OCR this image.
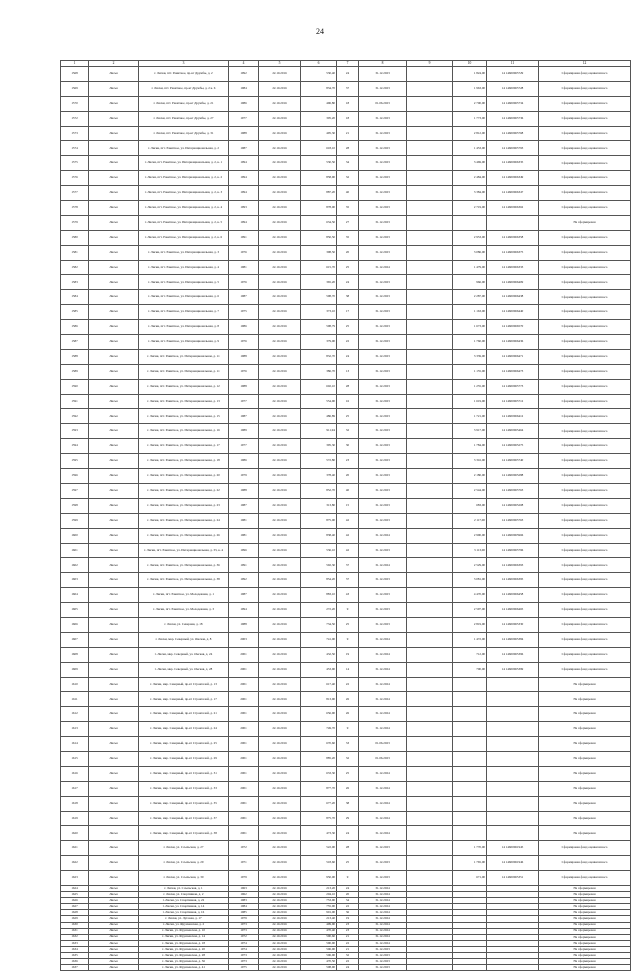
24
1	2	3	4	5	6	7	8	9	10	11	12
1568	Лисья	г. Лиски, пгт. Ракитное, пр-кт Дружбы, д. 2	1992	22.10.2016	530,40	24	31.12.2023		1 824,00	14 14600065729	Сформирован фонд оценки износа
1569	Лисья	г. Лиски, пгт. Ракитное, пр-кт Дружбы, д. 2 к. 6	1984	22.10.2016	834,70	37	31.12.2023		1 963,00	14 14600065728	Сформирован фонд оценки износа
1570	Лисья	г. Лиски, пгт. Ракитное, пр-кт Дружбы, д. 21	1986	22.10.2016	496,80	18	01.06.2023		2 700,00	14 14600065734	Сформирован фонд оценки износа
1572	Лисья	г. Лиски, пгт. Ракитное, пр-кт Дружбы, д. 27	1977	22.10.2016	305,20	18	31.12.2023		1 773,00	14 14600065736	Сформирован фонд оценки износа
1573	Лисья	г. Лиски, пгт. Ракитное, пр-кт Дружбы, д. 31	1988	22.10.2016	495,30	21	31.12.2023		2 812,00	14 14600065768	Сформирован фонд оценки износа
1574	Лисья	г. Лиски, пгт. Ракитное, ул. Интернациональная, д. 2	1987	22.10.2016	618,10	28	31.12.2023		1 453,00	14 14600065793	Сформирован фонд оценки износа
1575	Лисья	г. Лиски, пгт. Ракитное, ул. Интернациональная, д. 2, к. 1	1994	22.10.2016	530,50	34	31.12.2023		3 469,00	14 14600066335	Сформирован фонд оценки износа
1576	Лисья	г. Лиски, пгт. Ракитное, ул. Интернациональная, д. 2, к. 2	1994	22.10.2016	858,90	32	31.12.2023		2 484,00	14 14600066349	Сформирован фонд оценки износа
1577	Лисья	г. Лиски, пгт. Ракитное, ул. Интернациональная, д. 2, к. 3	1994	22.10.2016	887,20	40	31.12.2023		3 384,00	14 14600066347	Сформирован фонд оценки износа
1578	Лисья	г. Лиски, пгт. Ракитное, ул. Интернациональная, д. 2, к. 4	1993	22.10.2016	878,00	35	31.12.2023		2 719,00	14 14600066362	Сформирован фонд оценки износа
1579	Лисья	г. Лиски, пгт. Ракитное, ул. Интернациональная, д. 2, к. 5	1994	22.10.2016	634,50	27	31.12.2023				Не сформирован
1580	Лисья	г. Лиски, пгт. Ракитное, ул. Интернациональная, д. 2, к. 6	1991	22.10.2016	850,50	35	31.12.2023		2 953,00	14 14600066358	Сформирован фонд оценки износа
1581	Лисья	г. Лиски, пгт. Ракитное, ул. Интернациональная, д. 3	1976	22.10.2016	398,50	20	31.12.2023		3 086,00	14 14600066375	Сформирован фонд оценки износа
1582	Лисья	г. Лиски, пгт. Ракитное, ул. Интернациональная, д. 4	1981	22.10.2016	615,70	25	31.12.2024		1 479,00	14 14600066333	Сформирован фонд оценки износа
1583	Лисья	г. Лиски, пгт. Ракитное, ул. Интернациональная, д. 5	1976	22.10.2016	365,20	24	31.12.2023		966,00	14 14600066409	Сформирован фонд оценки износа
1584	Лисья	г. Лиски, пгт. Ракитное, ул. Интернациональная, д. 6	1987	22.10.2016	598,70	38	31.12.2023		2 287,00	14 14600066438	Сформирован фонд оценки износа
1585	Лисья	г. Лиски, пгт. Ракитное, ул. Интернациональная, д. 7	1975	22.10.2016	373,10	17	31.12.2023		1 163,00	14 14600066440	Сформирован фонд оценки износа
1586	Лисья	г. Лиски, пгт. Ракитное, ул. Интернациональная, д. 8	1986	22.10.2016	598,79	25	31.12.2023		1 673,00	14 14600066570	Сформирован фонд оценки износа
1587	Лисья	г. Лиски, пгт. Ракитное, ул. Интернациональная, д. 9	1976	22.10.2016	379,00	22	31.12.2023		1 760,00	14 14600066436	Сформирован фонд оценки износа
1588	Лисья	г. Лиски, пгт. Ракитное, ул. Интернациональная, д. 11	1988	22.10.2016	832,70	24	31.12.2023		3 339,00	14 14600066471	Сформирован фонд оценки износа
1589	Лисья	г. Лиски, пгт. Ракитное, ул. Интернациональная, д. 11	1976	22.10.2016	386,70	13	31.12.2023		1 155,00	14 14600066473	Сформирован фонд оценки износа
1590	Лисья	г. Лиски, пгт. Ракитное, ул. Интернациональная, д. 12	1988	22.10.2016	602,10	28	31.12.2023		1 255,00	14 14600065773	Сформирован фонд оценки износа
1591	Лисья	г. Лиски, пгт. Ракитное, ул. Интернациональная, д. 13	1977	22.10.2016	554,90	16	31.12.2023		1 619,00	14 14600065712	Сформирован фонд оценки износа
1592	Лисья	г. Лиски, пгт. Ракитное, ул. Интернациональная, д. 15	1987	22.10.2016	486,89	25	31.12.2023		1 721,00	14 14600066412	Сформирован фонд оценки износа
1593	Лисья	г. Лиски, пгт. Ракитное, ул. Интернациональная, д. 16	1989	22.10.2016	911,94	32	31.12.2023		3 917,00	14 14600065464	Сформирован фонд оценки износа
1594	Лисья	г. Лиски, пгт. Ракитное, ул. Интернациональная, д. 17	1977	22.10.2016	395,30	30	31.12.2023		1 784,00	14 14600065275	Сформирован фонд оценки износа
1595	Лисья	г. Лиски, пгт. Ракитное, ул. Интернациональная, д. 18	1986	22.10.2016	572,80	23	31.12.2023		3 316,00	14 14600065740	Сформирован фонд оценки износа
1596	Лисья	г. Лиски, пгт. Ракитное, ул. Интернациональная, д. 20	1979	22.10.2016	378,40	20	31.12.2023		2 180,00	14 14600065288	Сформирован фонд оценки износа
1597	Лисья	г. Лиски, пгт. Ракитное, ул. Интернациональная, д. 22	1988	22.10.2016	852,70	40	31.12.2023		2 544,00	14 14600065763	Сформирован фонд оценки износа
1598	Лисья	г. Лиски, пгт. Ракитное, ул. Интернациональная, д. 23	1987	22.10.2016	313,80	15	31.12.2023		683,00	14 14600065208	Сформирован фонд оценки износа
1599	Лисья	г. Лиски, пгт. Ракитное, ул. Интернациональная, д. 24	1981	22.10.2016	875,00	42	31.12.2023		2 117,00	14 14600065763	Сформирован фонд оценки износа
1600	Лисья	г. Лиски, пгт. Ракитное, ул. Интернациональная, д. 26	1981	22.10.2016	838,40	42	31.12.2024		2 990,00	14 14600065966	Сформирован фонд оценки износа
1601	Лисья	г. Лиски, пгт. Ракитное, ул. Интернациональная, д. 33, к. 4	1996	22.10.2016	536,10	42	31.12.2023		3 113,00	14 14600065796	Сформирован фонд оценки износа
1602	Лисья	г. Лиски, пгт. Ракитное, ул. Интернациональная, д. 36	1991	22.10.2016	592,30	37	31.12.2024		2 529,00	14 14600066393	Сформирован фонд оценки износа
1603	Лисья	г. Лиски, пгт. Ракитное, ул. Интернациональная, д. 38	1992	22.10.2016	854,20	37	31.12.2023		3 081,00	14 14600066395	Сформирован фонд оценки износа
1604	Лисья	г. Лиски, пгт. Ракитное, ул. Молодежная, д. 1	1987	22.10.2016	883,10	43	31.12.2023		4 470,00	14 14600066458	Сформирован фонд оценки износа
1605	Лисья	г. Лиски, пгт. Ракитное, ул. Молодежная, д. 3	1994	22.10.2016	272,20	9	31.12.2023		2 597,00	14 14600066465	Сформирован фонд оценки износа
1606	Лисья	г. Лиски, ул. Северная, д. 18	1988	22.10.2016	734,50	25	31.12.2023		2 819,00	14 14600065330	Сформирован фонд оценки износа
1607	Лисья	г. Лиски, мкр. Северный, ул. Омская, д. 8	2003	22.10.2016	741,00	9	31.12.2024		1 472,00	14 14600065384	Сформирован фонд оценки износа
1608	Лисья	г. Лиски, мкр. Северный, ул. Омская, д. 24	2001	22.10.2016	432,50	19	31.12.2024		712,00	14 14600065396	Сформирован фонд оценки износа
1609	Лисья	г. Лиски, мкр. Северный, ул. Омская, д. 28	2001	22.10.2016	453,90	14	31.12.2024		700,00	14 14600065399	Сформирован фонд оценки износа
1610	Лисья	г. Лиски, мкр. Северный, пр-кт Строителей, д. 13	2001	22.10.2016	617,40	22	31.12.2024				Не сформирован
1611	Лисья	г. Лиски, мкр. Северный, пр-кт Строителей, д. 17	2001	22.10.2016	813,90	26	31.12.2024				Не сформирован
1612	Лисья	г. Лиски, мкр. Северный, пр-кт Строителей, д. 21	2001	22.10.2016	656,90	26	31.12.2024				Не сформирован
1613	Лисья	г. Лиски, мкр. Северный, пр-кт Строителей, д. 24	2001	22.10.2016	749,70	9	31.12.2024				Не сформирован
1614	Лисья	г. Лиски, мкр. Северный, пр-кт Строителей, д. 25	2001	22.10.2016	670,60	33	01.06.2023				Не сформирован
1615	Лисья	г. Лиски, мкр. Северный, пр-кт Строителей, д. 29	2001	22.10.2016	885,20	32	01.06.2023				Не сформирован
1616	Лисья	г. Лиски, мкр. Северный, пр-кт Строителей, д. 31	2001	22.10.2016	633,30	25	31.12.2024				Не сформирован
1617	Лисья	г. Лиски, мкр. Северный, пр-кт Строителей, д. 33	2001	22.10.2016	877,70	26	31.12.2024				Не сформирован
1618	Лисья	г. Лиски, мкр. Северный, пр-кт Строителей, д. 35	2001	22.10.2016	677,20	38	31.12.2024				Не сформирован
1619	Лисья	г. Лиски, мкр. Северный, пр-кт Строителей, д. 37	2001	22.10.2016	875,70	29	31.12.2024				Не сформирован
1620	Лисья	г. Лиски, мкр. Северный, пр-кт Строителей, д. 38	2001	22.10.2016	473,30	24	31.12.2024				Не сформирован
1621	Лисья	г. Лиски, ул. Ссыльская, д. 27	1972	22.10.2016	522,00	28	31.12.2023		1 770,00	14 14600061945	Сформирован фонд оценки износа
1622	Лисья	г. Лиски, ул. Ссыльская, д. 29	1971	22.10.2016	518,60	25	31.12.2023		1 765,00	14 14600061946	Сформирован фонд оценки износа
1623	Лисья	г. Лиски, ул. Ссыльская, д. 30	1979	22.10.2016	950,00	9	31.12.2023		671,00	14 14600065351	Сформирован фонд оценки износа
1624	Лисья	г. Лиски, ул. Ссыльская, д. 1	1963	22.10.2016	213,20	24	31.12.2024				Не сформирован
1625	Лисья	г. Лиски, ул. Спортивная, д. 2	1962	22.10.2016	204,10	20	31.12.2024				Не сформирован
1626	Лисья	г. Лиски, ул. Спортивная, д. 22	1983	22.10.2016	753,90	34	31.12.2024				Не сформирован
1627	Лисья	г. Лиски, ул. Спортивная, д. 14	1984	22.10.2016	755,90	22	31.12.2024				Не сформирован
1628	Лисья	г. Лиски, ул. Спортивная, д. 16	1985	22.10.2016	901,00	36	31.12.2024				Не сформирован
1629	Лисья	г. Лиски, ул. Луговая, д. 17	1979	22.10.2016	213,40	19	31.12.2024				Не сформирован
1630	Лисья	г. Лиски, ул. Фрунзенская, д. 2	1973	22.10.2016	499,90	23	31.12.2024				Не сформирован
1631	Лисья	г. Лиски, ул. Фрунзенская, д. 10	1973	22.10.2016	470,40	23	31.12.2024				Не сформирован
1632	Лисья	г. Лиски, ул. Фрунзенская, д. 14	1972	22.10.2016	590,60	21	31.12.2024				Не сформирован
1633	Лисья	г. Лиски, ул. Фрунзенская, д. 18	1974	22.10.2016	590,90	22	31.12.2024				Не сформирован
1634	Лисья	г. Лиски, ул. Фрунзенская, д. 20	1974	22.10.2016	506,90	21	31.12.2023				Не сформирован
1635	Лисья	г. Лиски, ул. Фрунзенская, д. 28	1973	22.10.2016	506,90	32	31.12.2023				Не сформирован
1636	Лисья	г. Лиски, ул. Фрунзенская, д. 36	1973	22.10.2016	470,50	22	31.12.2023				Не сформирован
1637	Лисья	г. Лиски, ул. Фрунзенская, д. 41	1975	22.10.2016	508,90	24	31.12.2023				Не сформирован
